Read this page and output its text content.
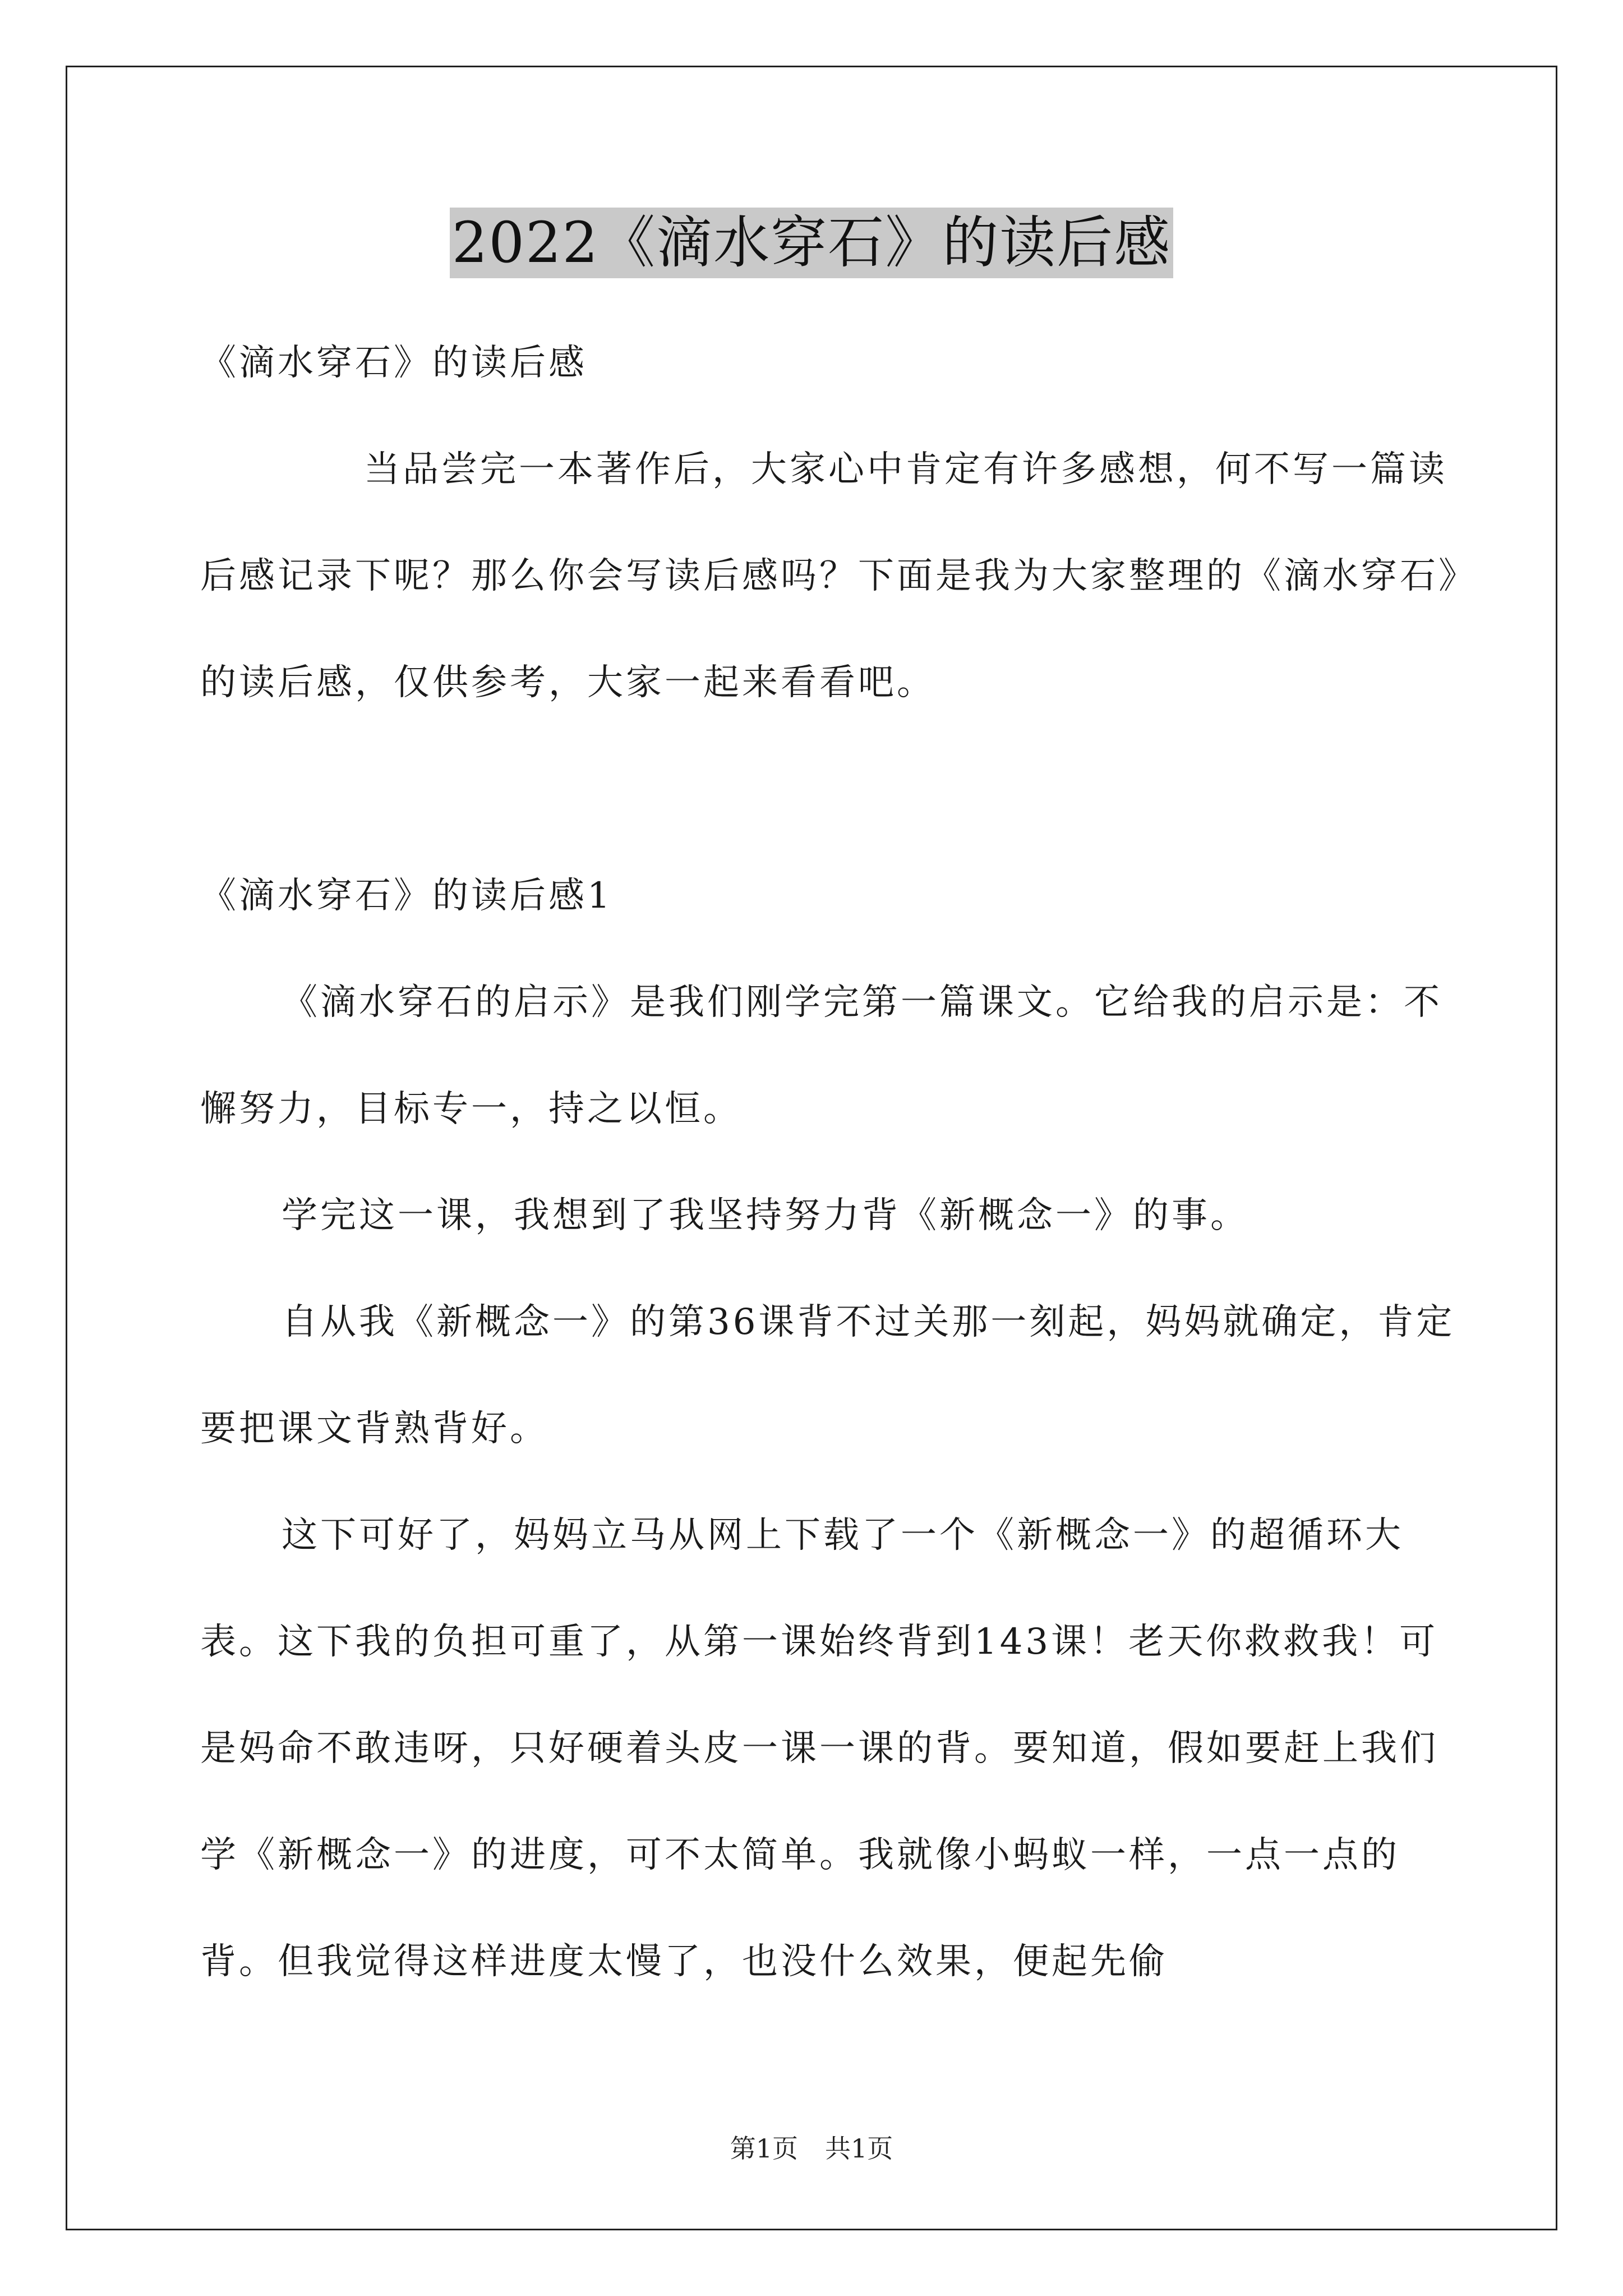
2022《滴水穿石》的读后感

《滴水穿石》的读后感

当品尝完一本著作后，大家心中肯定有许多感想，何不写一篇读后感记录下呢？那么你会写读后感吗？下面是我为大家整理的《滴水穿石》的读后感，仅供参考，大家一起来看看吧。

《滴水穿石》的读后感1

《滴水穿石的启示》是我们刚学完第一篇课文。它给我的启示是：不懈努力，目标专一，持之以恒。

学完这一课，我想到了我坚持努力背《新概念一》的事。

自从我《新概念一》的第36课背不过关那一刻起，妈妈就确定，肯定要把课文背熟背好。

这下可好了，妈妈立马从网上下载了一个《新概念一》的超循环大表。这下我的负担可重了，从第一课始终背到143课！老天你救救我！可是妈命不敢违呀，只好硬着头皮一课一课的背。要知道，假如要赶上我们学《新概念一》的进度，可不太简单。我就像小蚂蚁一样，一点一点的背。但我觉得这样进度太慢了，也没什么效果，便起先偷

第1页 共1页
